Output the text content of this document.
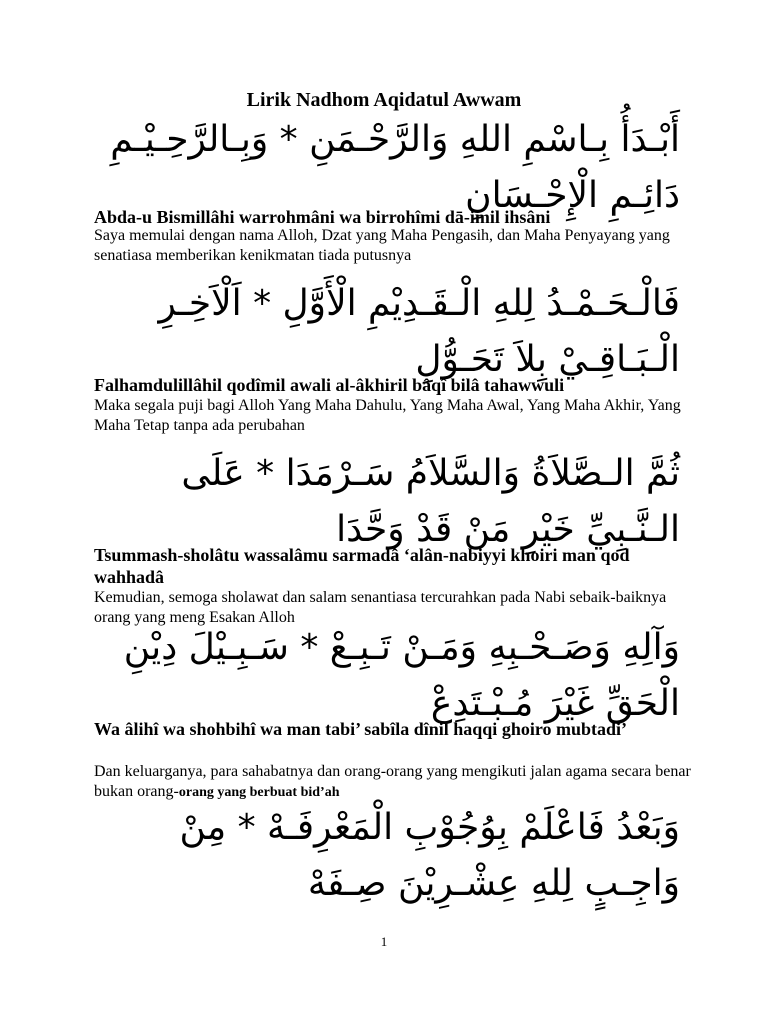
Lirik Nadhom Aqidatul Awwam
أَبْـدَأُ بِـاسْمِ اللهِ وَالرَّحْـمَنِ * وَبِـالرَّحِـيْـمِ دَائِـمِ الْإِحْـسَانِ
Abda-u Bismillâhi warrohmâni wa birrohîmi dā-imil ihsâni
Saya memulai dengan nama Alloh, Dzat yang Maha Pengasih, dan Maha Penyayang yang senatiasa memberikan kenikmatan tiada putusnya
فَالْـحَـمْـدُ لِلهِ الْـقَـدِيْمِ الْأَوَّلِ * اَلْاَخِـرِ الْـبَـاقِـيْ بِلاَ تَحَـوُّلِ
Falhamdulillâhil qodîmil awali al-âkhiril bâqî bilâ tahawwuli
Maka segala puji bagi Alloh Yang Maha Dahulu, Yang Maha Awal, Yang Maha Akhir, Yang Maha Tetap tanpa ada perubahan
ثُمَّ الـصَّلاَةُ وَالسَّلاَمُ سَـرْمَدَا * عَلَى الـنَّـبِيِّ خَيْرِ مَنْ قَدْ وَحَّدَا
Tsummash-sholâtu wassalâmu sarmadâ ‘alân-nabiyyi khoiri man qod wahhadâ
Kemudian, semoga sholawat dan salam senantiasa tercurahkan pada Nabi sebaik-baiknya orang yang meng Esakan Alloh
وَآلِهِ وَصَـحْـبِهِ وَمَـنْ تَـبِـعْ * سَـبِـيْلَ دِيْنِ الْحَقِّ غَيْرَ مُـبْـتَدِعْ
Wa âlihî wa shohbihî wa man tabi’ sabîla dînil haqqi ghoiro mubtadi’
Dan keluarganya, para sahabatnya dan orang-orang yang mengikuti jalan agama secara benar bukan orang-orang yang berbuat bid’ah
وَبَعْدُ فَاعْلَمْ بِوُجُوْبِ الْمَعْرِفَـهْ * مِنْ وَاجِـبٍ لِلهِ عِشْـرِيْنَ صِـفَهْ
1
